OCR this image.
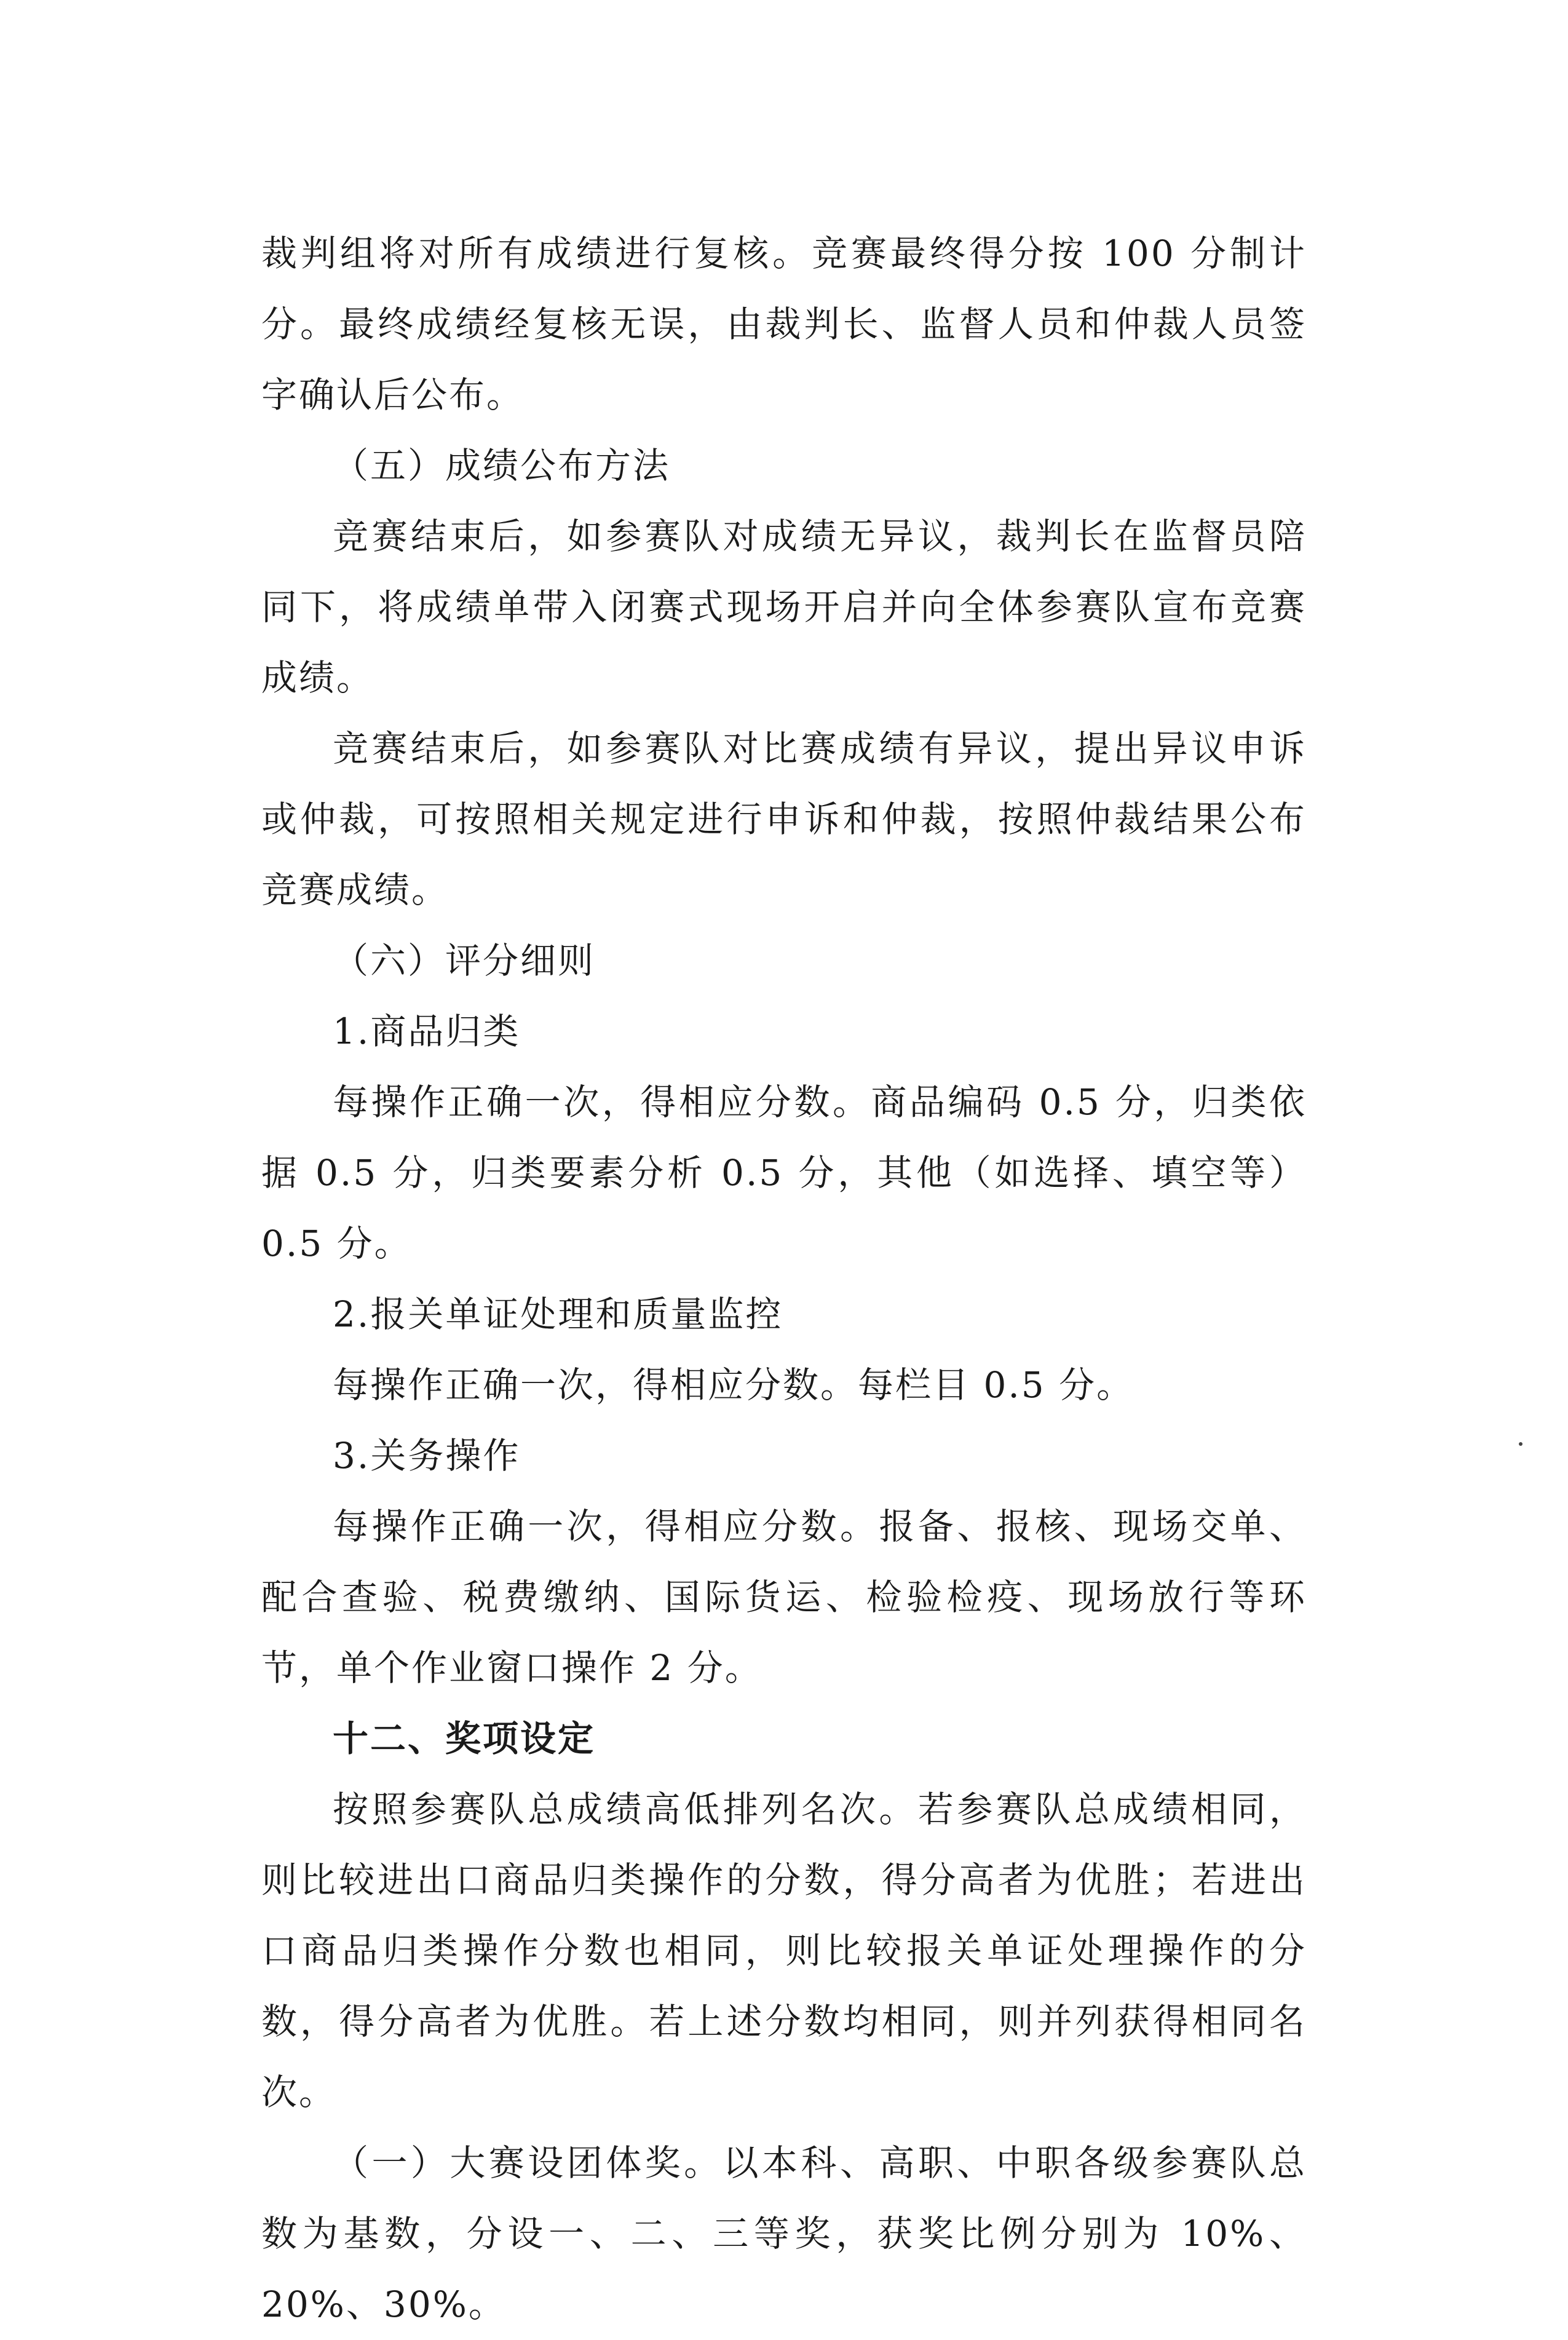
裁判组将对所有成绩进行复核。竞赛最终得分按 100 分制计分。最终成绩经复核无误，由裁判长、监督人员和仲裁人员签字确认后公布。

（五）成绩公布方法

竞赛结束后，如参赛队对成绩无异议，裁判长在监督员陪同下，将成绩单带入闭赛式现场开启并向全体参赛队宣布竞赛成绩。

竞赛结束后，如参赛队对比赛成绩有异议，提出异议申诉或仲裁，可按照相关规定进行申诉和仲裁，按照仲裁结果公布竞赛成绩。

（六）评分细则

1.商品归类

每操作正确一次，得相应分数。商品编码 0.5 分，归类依据 0.5 分，归类要素分析 0.5 分，其他（如选择、填空等）0.5 分。

2.报关单证处理和质量监控

每操作正确一次，得相应分数。每栏目 0.5 分。

3.关务操作

每操作正确一次，得相应分数。报备、报核、现场交单、配合查验、税费缴纳、国际货运、检验检疫、现场放行等环节，单个作业窗口操作 2 分。

十二、奖项设定

按照参赛队总成绩高低排列名次。若参赛队总成绩相同，则比较进出口商品归类操作的分数，得分高者为优胜；若进出口商品归类操作分数也相同，则比较报关单证处理操作的分数，得分高者为优胜。若上述分数均相同，则并列获得相同名次。

（一）大赛设团体奖。以本科、高职、中职各级参赛队总数为基数，分设一、二、三等奖，获奖比例分别为 10%、20%、30%。
